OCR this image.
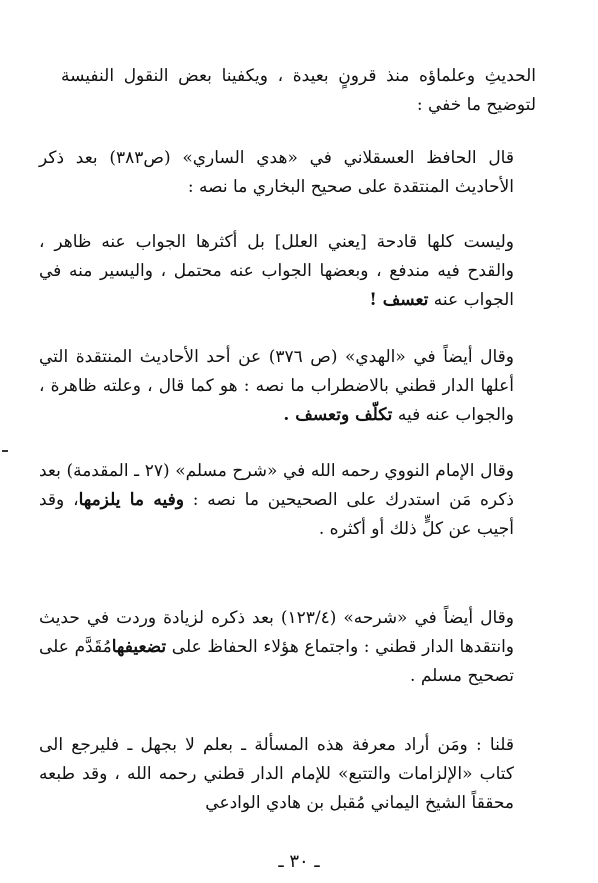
الحديثِ وعلماؤه منذ قرونٍ بعيدة ، ويكفينا بعض النقول النفيسة لتوضيح ما خفي :

قال الحافظ العسقلاني في «هدي الساري» (ص٣٨٣) بعد ذكر الأحاديث المنتقدة على صحيح البخاري ما نصه :

وليست كلها قادحة [يعني العلل] بل أكثرها الجواب عنه ظاهر ، والقدح فيه مندفع ، وبعضها الجواب عنه محتمل ، واليسير منه في الجواب عنه تعسف !

وقال أيضاً في «الهدي» (ص ٣٧٦) عن أحد الأحاديث المنتقدة التي أعلها الدار قطني بالاضطراب ما نصه : هو كما قال ، وعلته ظاهرة ، والجواب عنه فيه تكلّف وتعسف .

وقال الإمام النووي رحمه الله في «شرح مسلم» (٢٧ ـ المقدمة) بعد ذكره مَن استدرك على الصحيحين ما نصه : وفيه ما يلزمها، وقد أجيب عن كلٍّ ذلك أو أكثره .

وقال أيضاً في «شرحه» (١٢٣/٤) بعد ذكره لزيادة وردت في حديث وانتقدها الدار قطني : واجتماع هؤلاء الحفاظ على تضعيفهامُقَدَّم على تصحيح مسلم .

قلنا : ومَن أراد معرفة هذه المسألة ـ بعلم لا بجهل ـ فليرجع الى كتاب «الإلزامات والتتبع» للإمام الدار قطني رحمه الله ، وقد طبعه محققاً الشيخ اليماني مُقبل بن هادي الوادعي

ـ ٣٠ ـ
